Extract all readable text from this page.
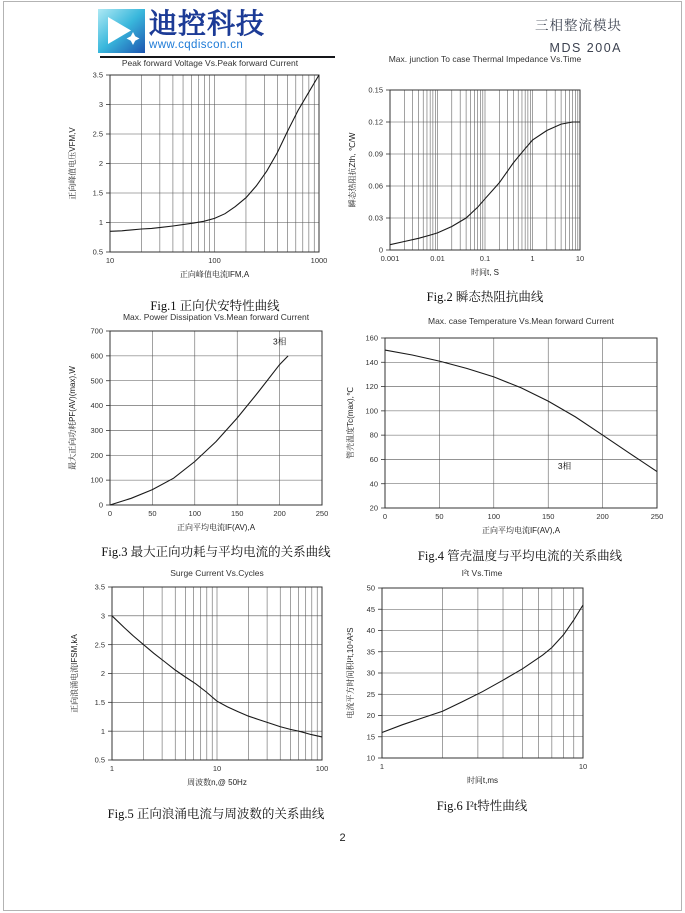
迪控科技
www.cqdiscon.cn
三相整流模块
MDS 200A
Peak forward Voltage Vs.Peak forward Current
0.5
1
1.5
2
2.5
3
3.5
10	100	1000
正向峰值电流IFM,A
正向峰值电压VFM,V
Fig.1 正向伏安特性曲线
Max. junction To case Thermal Impedance Vs.Time
0
0.03
0.06
0.09
0.12
0.15
0.001	0.01	0.1	1	10
时间t, S
瞬态热阻抗Zth, ℃/W
Fig.2 瞬态热阻抗曲线
Max. Power Dissipation Vs.Mean forward Current
0
100
200
300
400
500
600
700
0	50	100	150	200	250
3相
正向平均电流IF(AV),A
最大正向功耗PF(AV)(max),W
Fig.3 最大正向功耗与平均电流的关系曲线
Max. case Temperature Vs.Mean forward Current
20
40
60
80
100
120
140
160
0	50	100	150	200	250
3相
正向平均电流IF(AV),A
管壳温度Tc(max),℃
Fig.4 管壳温度与平均电流的关系曲线
Surge Current Vs.Cycles
0.5
1
1.5
2
2.5
3
3.5
1	10	100
周波数n,@ 50Hz
正向浪涌电流IFSM,kA
Fig.5 正向浪涌电流与周波数的关系曲线
I²t Vs.Time
10
15
20
25
30
35
40
45
50
1	10
时间t,ms
电流平方时间积I²t,10⁴A²S
Fig.6 I²t特性曲线
2
